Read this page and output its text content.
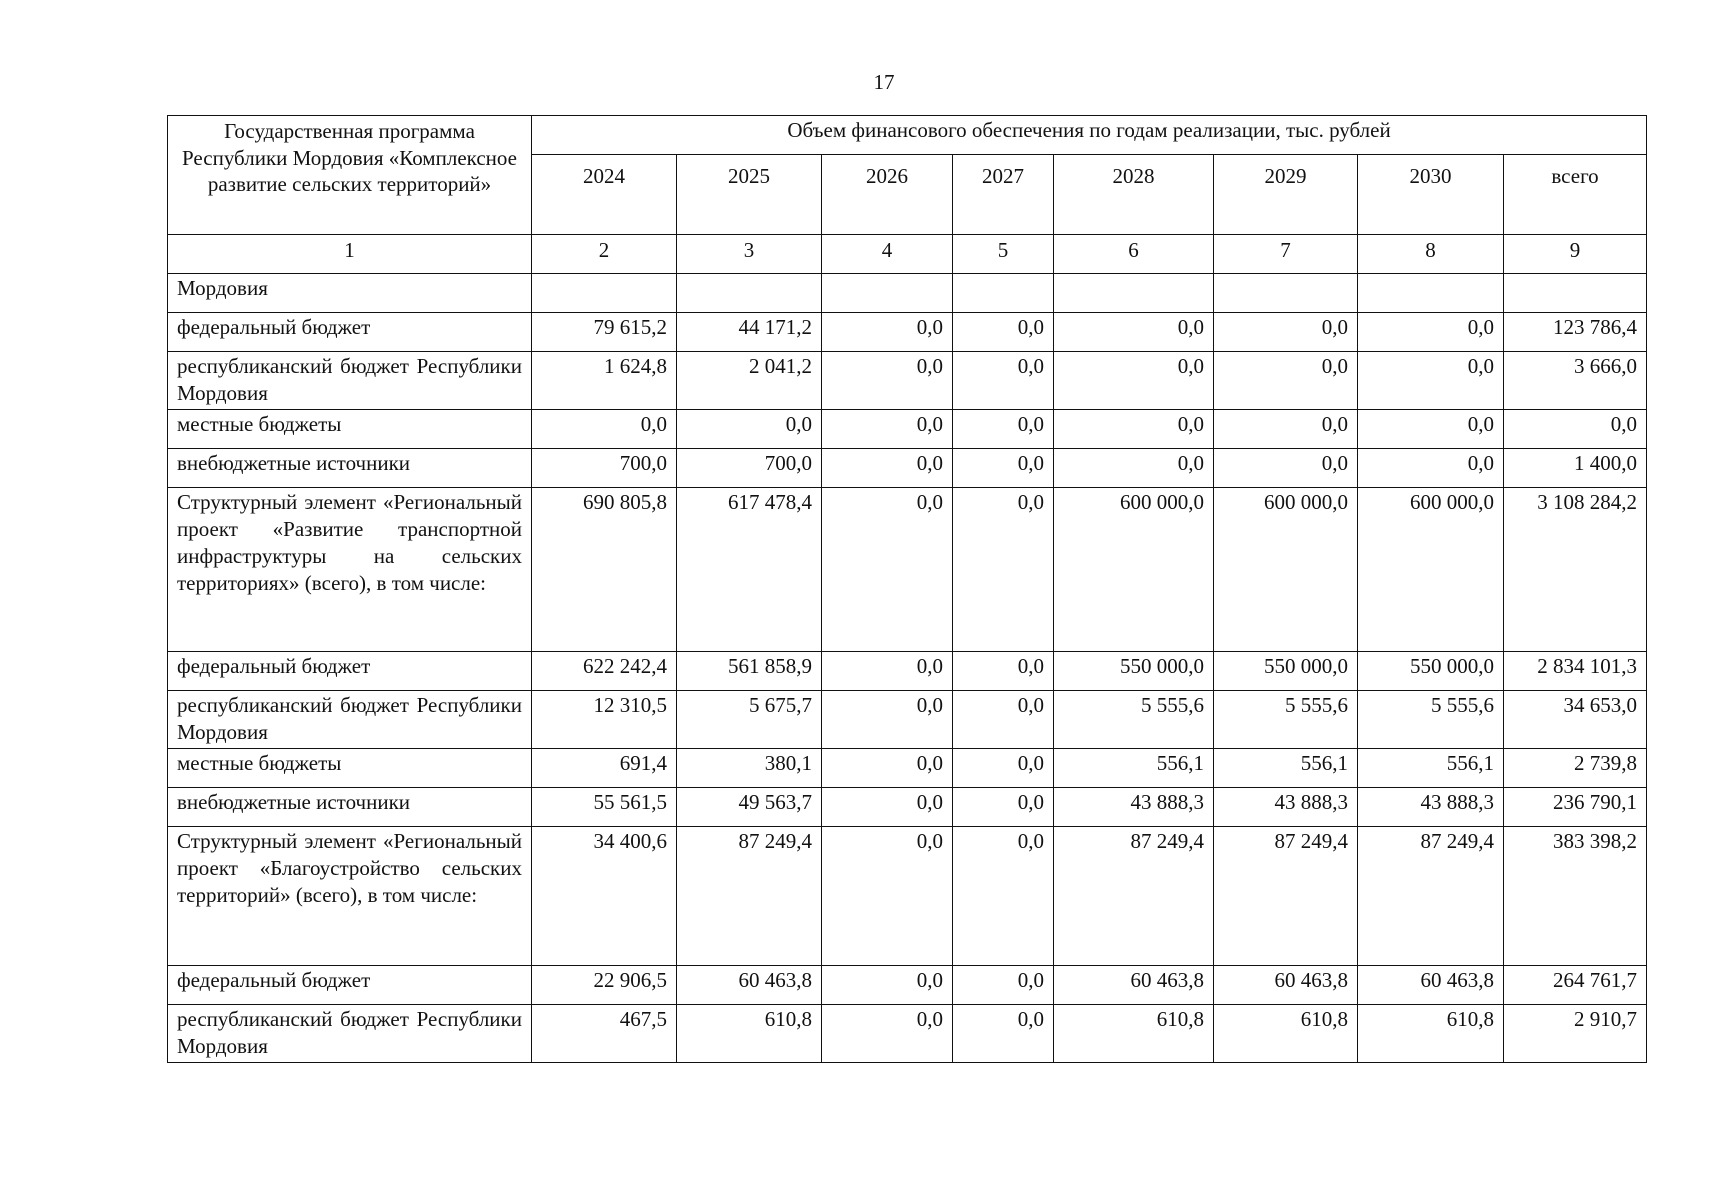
17
Государственная программа Республики Мордовия «Комплексное развитие сельских территорий»	Объем финансового обеспечения по годам реализации, тыс. рублей							
	2024	2025	2026	2027	2028	2029	2030	всего
1	2	3	4	5	6	7	8	9
Мордовия								
федеральный бюджет	79 615,2	44 171,2	0,0	0,0	0,0	0,0	0,0	123 786,4
республиканский бюджет Республики Мордовия	1 624,8	2 041,2	0,0	0,0	0,0	0,0	0,0	3 666,0
местные бюджеты	0,0	0,0	0,0	0,0	0,0	0,0	0,0	0,0
внебюджетные источники	700,0	700,0	0,0	0,0	0,0	0,0	0,0	1 400,0
Структурный элемент «Региональный проект «Развитие транспортной инфраструктуры на сельских территориях» (всего), в том числе:	690 805,8	617 478,4	0,0	0,0	600 000,0	600 000,0	600 000,0	3 108 284,2
федеральный бюджет	622 242,4	561 858,9	0,0	0,0	550 000,0	550 000,0	550 000,0	2 834 101,3
республиканский бюджет Республики Мордовия	12 310,5	5 675,7	0,0	0,0	5 555,6	5 555,6	5 555,6	34 653,0
местные бюджеты	691,4	380,1	0,0	0,0	556,1	556,1	556,1	2 739,8
внебюджетные источники	55 561,5	49 563,7	0,0	0,0	43 888,3	43 888,3	43 888,3	236 790,1
Структурный элемент «Региональный проект «Благоустройство сельских территорий» (всего), в том числе:	34 400,6	87 249,4	0,0	0,0	87 249,4	87 249,4	87 249,4	383 398,2
федеральный бюджет	22 906,5	60 463,8	0,0	0,0	60 463,8	60 463,8	60 463,8	264 761,7
республиканский бюджет Республики Мордовия	467,5	610,8	0,0	0,0	610,8	610,8	610,8	2 910,7
